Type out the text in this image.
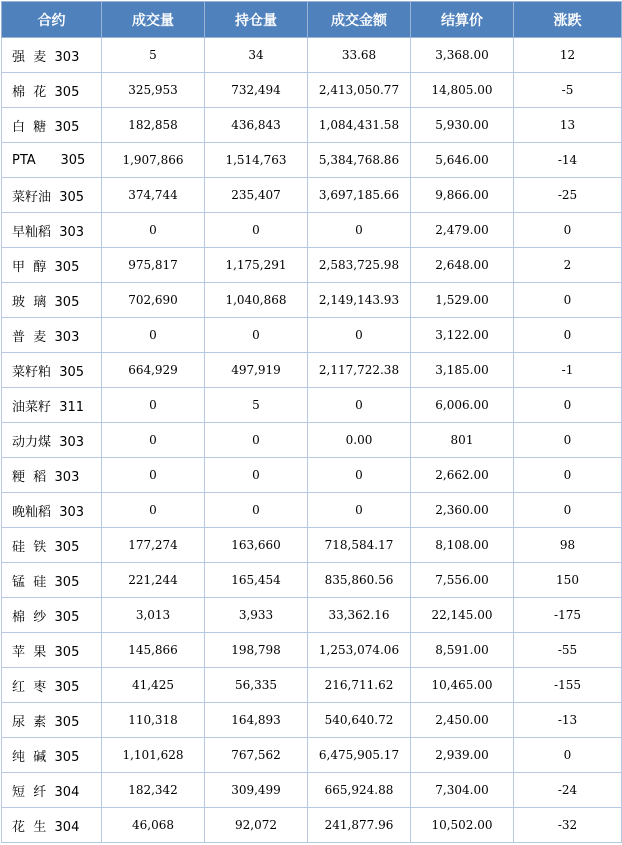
合约	成交量	持仓量	成交金额	结算价	涨跌
强  麦  303	5	34	33.68	3,368.00	12
棉  花  305	325,953	732,494	2,413,050.77	14,805.00	-5
白  糖  305	182,858	436,843	1,084,431.58	5,930.00	13
PTA      305	1,907,866	1,514,763	5,384,768.86	5,646.00	-14
菜籽油  305	374,744	235,407	3,697,185.66	9,866.00	-25
早籼稻  303	0	0	0	2,479.00	0
甲  醇  305	975,817	1,175,291	2,583,725.98	2,648.00	2
玻  璃  305	702,690	1,040,868	2,149,143.93	1,529.00	0
普  麦  303	0	0	0	3,122.00	0
菜籽粕  305	664,929	497,919	2,117,722.38	3,185.00	-1
油菜籽  311	0	5	0	6,006.00	0
动力煤  303	0	0	0.00	801	0
粳  稻  303	0	0	0	2,662.00	0
晚籼稻  303	0	0	0	2,360.00	0
硅  铁  305	177,274	163,660	718,584.17	8,108.00	98
锰  硅  305	221,244	165,454	835,860.56	7,556.00	150
棉  纱  305	3,013	3,933	33,362.16	22,145.00	-175
苹  果  305	145,866	198,798	1,253,074.06	8,591.00	-55
红  枣  305	41,425	56,335	216,711.62	10,465.00	-155
尿  素  305	110,318	164,893	540,640.72	2,450.00	-13
纯  碱  305	1,101,628	767,562	6,475,905.17	2,939.00	0
短  纤  304	182,342	309,499	665,924.88	7,304.00	-24
花  生  304	46,068	92,072	241,877.96	10,502.00	-32
